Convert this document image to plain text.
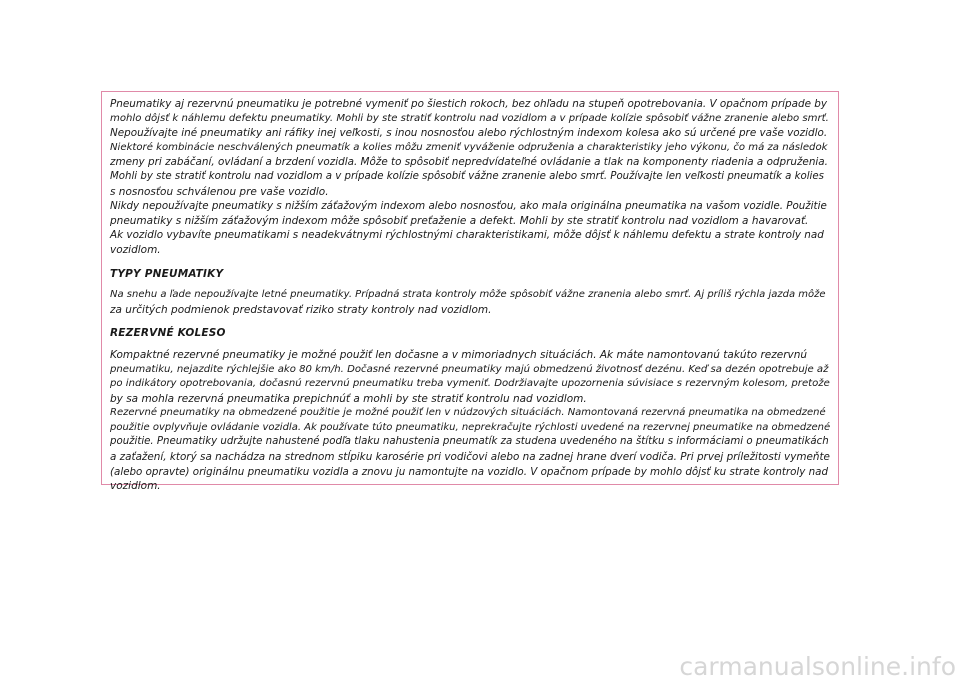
Pneumatiky aj rezervnú pneumatiku je potrebné vymeniť po šiestich rokoch, bez ohľadu na stupeň opotrebovania. V opačnom prípade by
mohlo dôjsť k náhlemu defektu pneumatiky. Mohli by ste stratiť kontrolu nad vozidlom a v prípade kolízie spôsobiť vážne zranenie alebo smrť.
Nepoužívajte iné pneumatiky ani ráfiky inej veľkosti, s inou nosnosťou alebo rýchlostným indexom kolesa ako sú určené pre vaše vozidlo.
Niektoré kombinácie neschválených pneumatík a kolies môžu zmeniť vyváženie odpruženia a charakteristiky jeho výkonu, čo má za následok
zmeny pri zabáčaní, ovládaní a brzdení vozidla. Môže to spôsobiť nepredvídateľné ovládanie a tlak na komponenty riadenia a odpruženia.
Mohli by ste stratiť kontrolu nad vozidlom a v prípade kolízie spôsobiť vážne zranenie alebo smrť. Používajte len veľkosti pneumatík a kolies
s nosnosťou schválenou pre vaše vozidlo.
Nikdy nepoužívajte pneumatiky s nižším záťažovým indexom alebo nosnosťou, ako mala originálna pneumatika na vašom vozidle. Použitie
pneumatiky s nižším záťažovým indexom môže spôsobiť preťaženie a defekt. Mohli by ste stratiť kontrolu nad vozidlom a havarovať.
Ak vozidlo vybavíte pneumatikami s neadekvátnymi rýchlostnými charakteristikami, môže dôjsť k náhlemu defektu a strate kontroly nad
vozidlom.
TYPY PNEUMATIKY
Na snehu a ľade nepoužívajte letné pneumatiky. Prípadná strata kontroly môže spôsobiť vážne zranenia alebo smrť. Aj príliš rýchla jazda môže
za určitých podmienok predstavovať riziko straty kontroly nad vozidlom.
REZERVNÉ KOLESO
Kompaktné rezervné pneumatiky je možné použiť len dočasne a v mimoriadnych situáciách. Ak máte namontovanú takúto rezervnú
pneumatiku, nejazdite rýchlejšie ako 80 km/h. Dočasné rezervné pneumatiky majú obmedzenú životnosť dezénu. Keď sa dezén opotrebuje až
po indikátory opotrebovania, dočasnú rezervnú pneumatiku treba vymeniť. Dodržiavajte upozornenia súvisiace s rezervným kolesom, pretože
by sa mohla rezervná pneumatika prepichnúť a mohli by ste stratiť kontrolu nad vozidlom.
Rezervné pneumatiky na obmedzené použitie je možné použiť len v núdzových situáciách. Namontovaná rezervná pneumatika na obmedzené
použitie ovplyvňuje ovládanie vozidla. Ak používate túto pneumatiku, neprekračujte rýchlosti uvedené na rezervnej pneumatike na obmedzené
použitie. Pneumatiky udržujte nahustené podľa tlaku nahustenia pneumatík za studena uvedeného na štítku s informáciami o pneumatikách
a zaťažení, ktorý sa nachádza na strednom stĺpiku karosérie pri vodičovi alebo na zadnej hrane dverí vodiča. Pri prvej príležitosti vymeňte
(alebo opravte) originálnu pneumatiku vozidla a znovu ju namontujte na vozidlo. V opačnom prípade by mohlo dôjsť ku strate kontroly nad
vozidlom.
carmanualsonline.info
